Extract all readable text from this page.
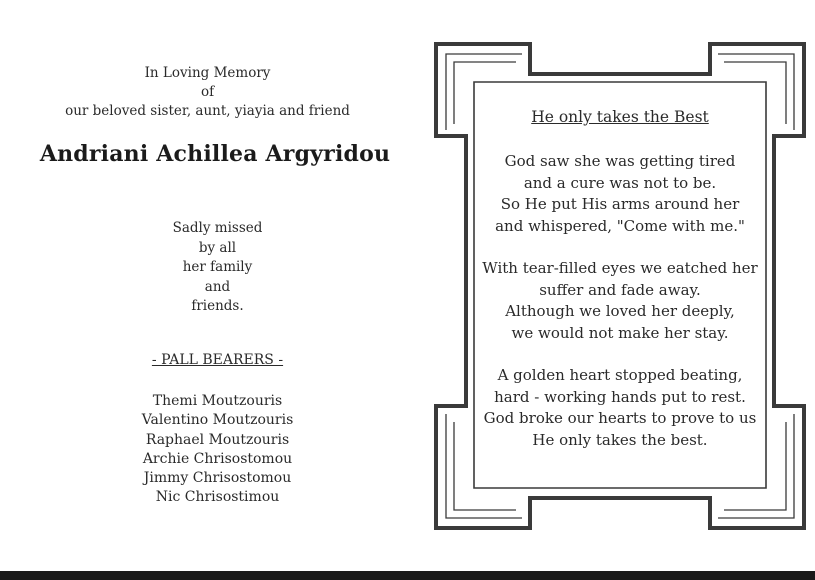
In Loving Memory
of
our beloved sister, aunt, yiayia and friend
Andriani Achillea Argyridou
Sadly missed
by all
her family
and
friends.
- PALL BEARERS -
Themi Moutzouris
Valentino Moutzouris
Raphael Moutzouris
Archie Chrisostomou
Jimmy Chrisostomou
Nic Chrisostimou
He only takes the Best
God saw she was getting tired
and a cure was not to be.
So He put His arms around her
and whispered, "Come with me."
With tear-filled eyes we eatched her
suffer and fade away.
Although we loved her deeply,
we would not make her stay.
A golden heart stopped beating,
hard - working hands put to rest.
God broke our hearts to prove to us
He only takes the best.
